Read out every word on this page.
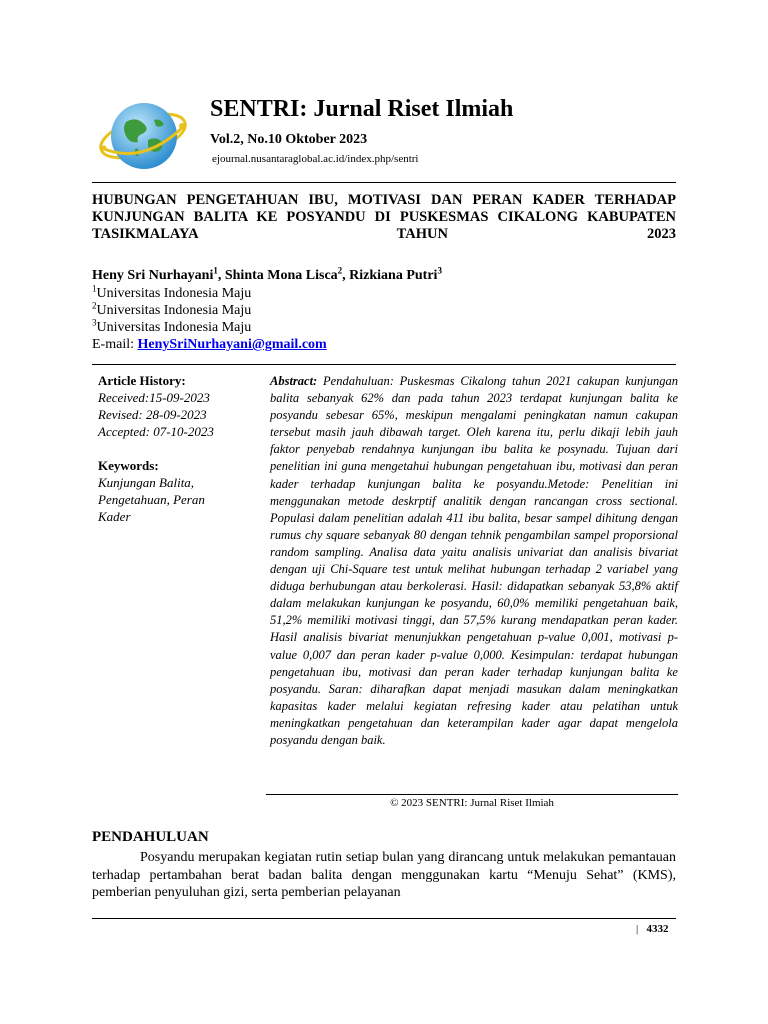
SENTRI: Jurnal Riset Ilmiah
Vol.2, No.10 Oktober 2023
ejournal.nusantaraglobal.ac.id/index.php/sentri
HUBUNGAN PENGETAHUAN IBU, MOTIVASI DAN PERAN KADER TERHADAP KUNJUNGAN BALITA KE POSYANDU DI PUSKESMAS CIKALONG KABUPATEN TASIKMALAYA TAHUN 2023
Heny Sri Nurhayani$^1$, Shinta Mona Lisca$^2$, Rizkiana Putri$^3$
$^1$Universitas Indonesia Maju
$^2$Universitas Indonesia Maju
$^3$Universitas Indonesia Maju
E-mail: HenySriNurhayani@gmail.com
Article History:
Received:15-09-2023
Revised: 28-09-2023
Accepted: 07-10-2023
Keywords:
Kunjungan Balita, Pengetahuan, Peran Kader
Abstract: Pendahuluan: Puskesmas Cikalong tahun 2021 cakupan kunjungan balita sebanyak 62% dan pada tahun 2023 terdapat kunjungan balita ke posyandu sebesar 65%, meskipun mengalami peningkatan namun cakupan tersebut masih jauh dibawah target. Oleh karena itu, perlu dikaji lebih jauh faktor penyebab rendahnya kunjungan ibu balita ke posynadu. Tujuan dari penelitian ini guna mengetahui hubungan pengetahuan ibu, motivasi dan peran kader terhadap kunjungan balita ke posyandu.Metode: Penelitian ini menggunakan metode deskrptif analitik dengan rancangan cross sectional. Populasi dalam penelitian adalah 411 ibu balita, besar sampel dihitung dengan rumus chy square sebanyak 80 dengan tehnik pengambilan sampel proporsional random sampling. Analisa data yaitu analisis univariat dan analisis bivariat dengan uji Chi-Square test untuk melihat hubungan terhadap 2 variabel yang diduga berhubungan atau berkolerasi. Hasil: didapatkan sebanyak 53,8% aktif dalam melakukan kunjungan ke posyandu, 60,0% memiliki pengetahuan baik, 51,2% memiliki motivasi tinggi, dan 57,5% kurang mendapatkan peran kader. Hasil analisis bivariat menunjukkan pengetahuan p-value 0,001, motivasi p-value 0,007 dan peran kader p-value 0,000. Kesimpulan: terdapat hubungan pengetahuan ibu, motivasi dan peran kader terhadap kunjungan balita ke posyandu. Saran: diharafkan dapat menjadi masukan dalam meningkatkan kapasitas kader melalui kegiatan refresing kader atau pelatihan untuk meningkatkan pengetahuan dan keterampilan kader agar dapat mengelola posyandu dengan baik.
© 2023 SENTRI: Jurnal Riset Ilmiah
PENDAHULUAN
Posyandu merupakan kegiatan rutin setiap bulan yang dirancang untuk melakukan pemantauan terhadap pertambahan berat badan balita dengan menggunakan kartu “Menuju Sehat” (KMS), pemberian penyuluhan gizi, serta pemberian pelayanan
| 4332
